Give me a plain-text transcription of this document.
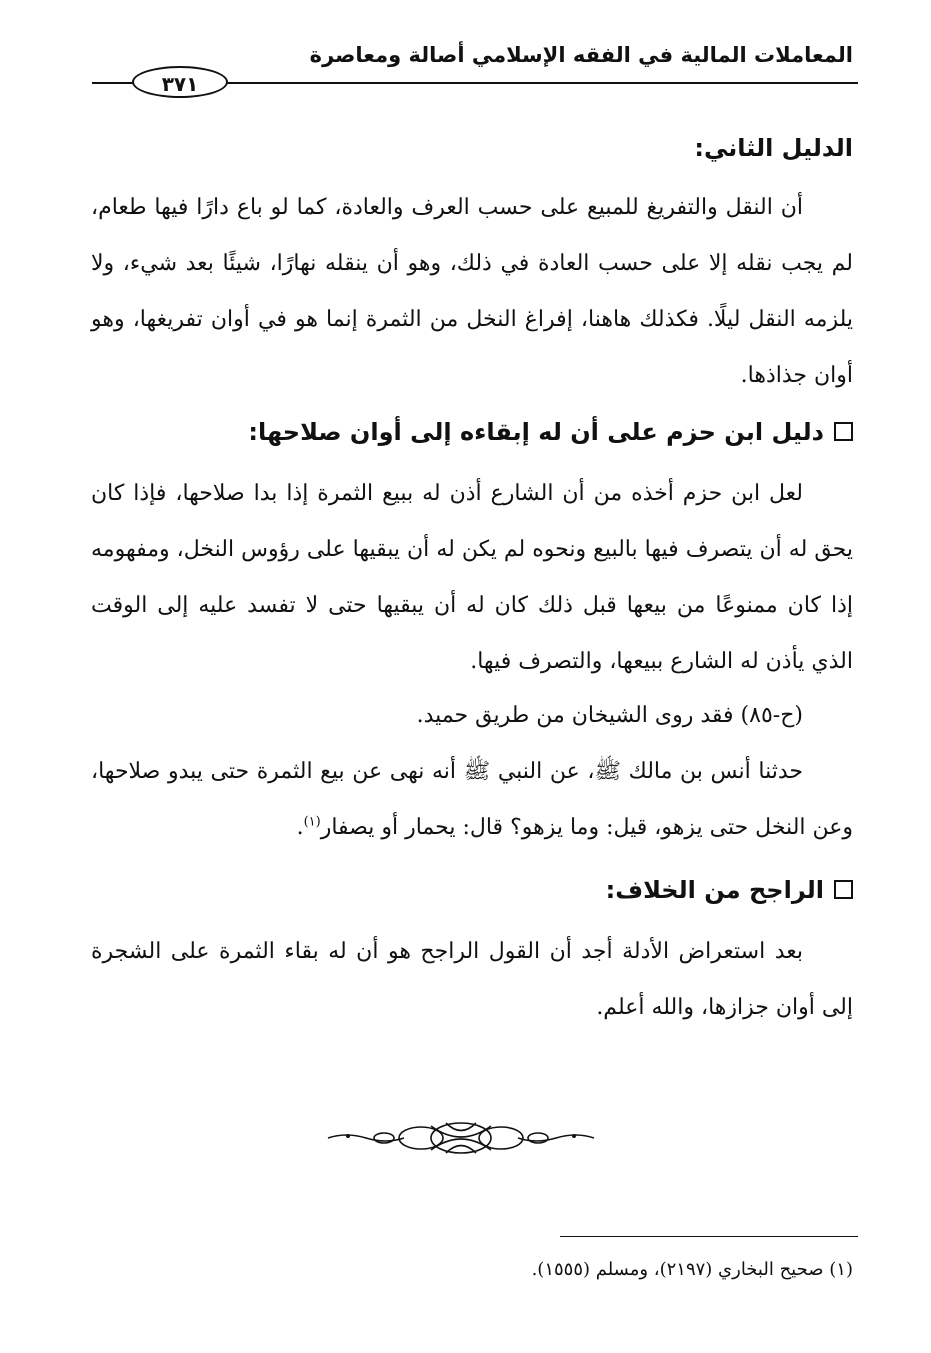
المعاملات المالية في الفقه الإسلامي أصالة ومعاصرة
٣٧١
الدليل الثاني:

أن النقل والتفريغ للمبيع على حسب العرف والعادة، كما لو باع دارًا فيها طعام، لم يجب نقله إلا على حسب العادة في ذلك، وهو أن ينقله نهارًا، شيئًا بعد شيء، ولا يلزمه النقل ليلًا. فكذلك هاهنا، إفراغ النخل من الثمرة إنما هو في أوان تفريغها، وهو أوان جذاذها.

دليل ابن حزم على أن له إبقاءه إلى أوان صلاحها:

لعل ابن حزم أخذه من أن الشارع أذن له ببيع الثمرة إذا بدا صلاحها، فإذا كان يحق له أن يتصرف فيها بالبيع ونحوه لم يكن له أن يبقيها على رؤوس النخل، ومفهومه إذا كان ممنوعًا من بيعها قبل ذلك كان له أن يبقيها حتى لا تفسد عليه إلى الوقت الذي يأذن له الشارع ببيعها، والتصرف فيها.

(ح-٨٥) فقد روى الشيخان من طريق حميد.

حدثنا أنس بن مالك ﷺ، عن النبي ﷺ أنه نهى عن بيع الثمرة حتى يبدو صلاحها، وعن النخل حتى يزهو، قيل: وما يزهو؟ قال: يحمار أو يصفار$^{(١)}$.

الراجح من الخلاف:

بعد استعراض الأدلة أجد أن القول الراجح هو أن له بقاء الثمرة على الشجرة إلى أوان جزازها، والله أعلم.

(١) صحيح البخاري (٢١٩٧)، ومسلم (١٥٥٥).
